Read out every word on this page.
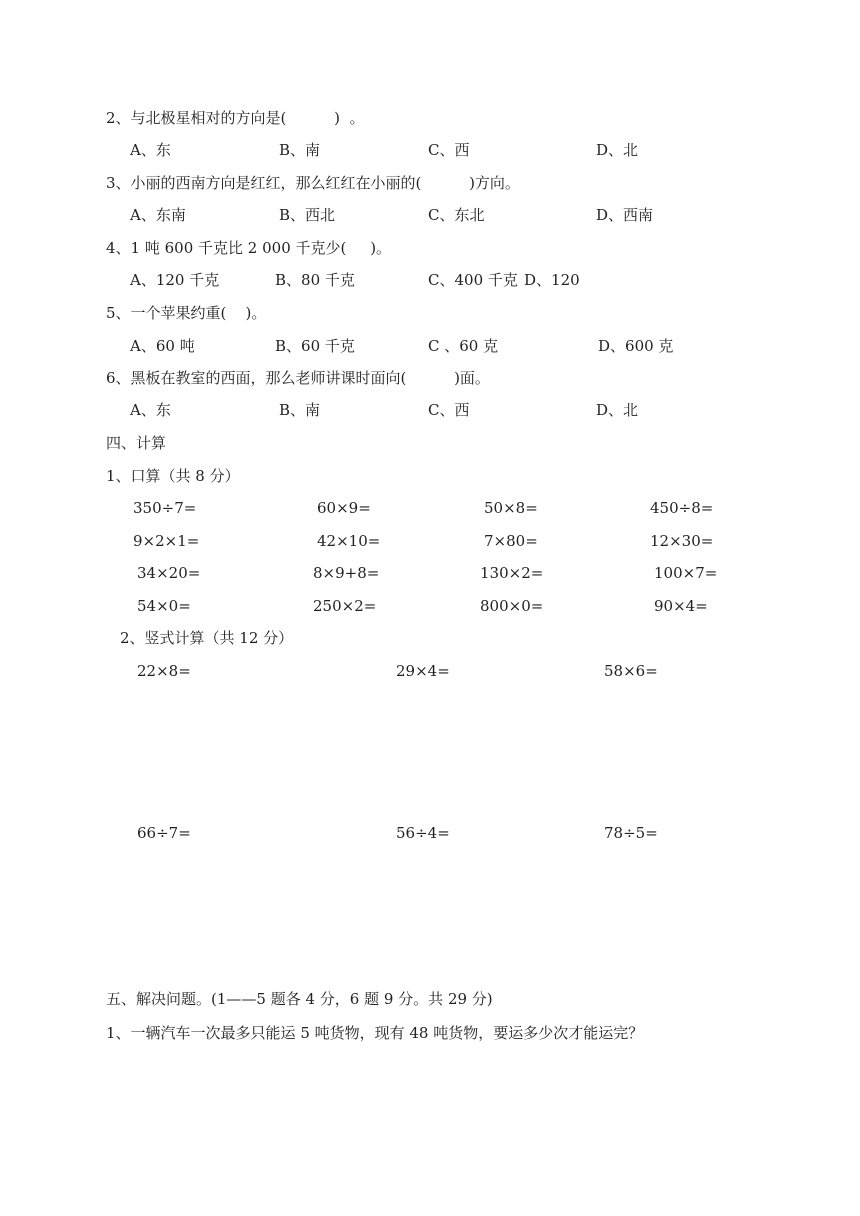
2、与北极星相对的方向是(          )  。
A、东	B、南	C、西	D、北
3、小丽的西南方向是红红，那么红红在小丽的(          )方向。
A、东南	B、西北	C、东北	D、西南
4、1 吨 600 千克比 2 000 千克少(     )。
A、120 千克	B、80 千克	C、400 千克 D、120
5、一个苹果约重(    )。
A、60 吨	B、60 千克	C 、60 克	D、600 克
6、黑板在教室的西面，那么老师讲课时面向(          )面。
A、东	B、南	C、西	D、北
四、计算
1、口算（共 8 分）
350÷7=	60×9=	50×8=	450÷8=
9×2×1=	42×10=	7×80=	12×30=
34×20=	8×9+8=	130×2=	100×7=
54×0=	250×2=	800×0=	90×4=
2、竖式计算（共 12 分）
22×8=	29×4=	58×6=
66÷7=	56÷4=	78÷5=
五、解决问题。(1——5 题各 4 分，6 题 9 分。共 29 分)
1、一辆汽车一次最多只能运 5 吨货物，现有 48 吨货物，要运多少次才能运完？
